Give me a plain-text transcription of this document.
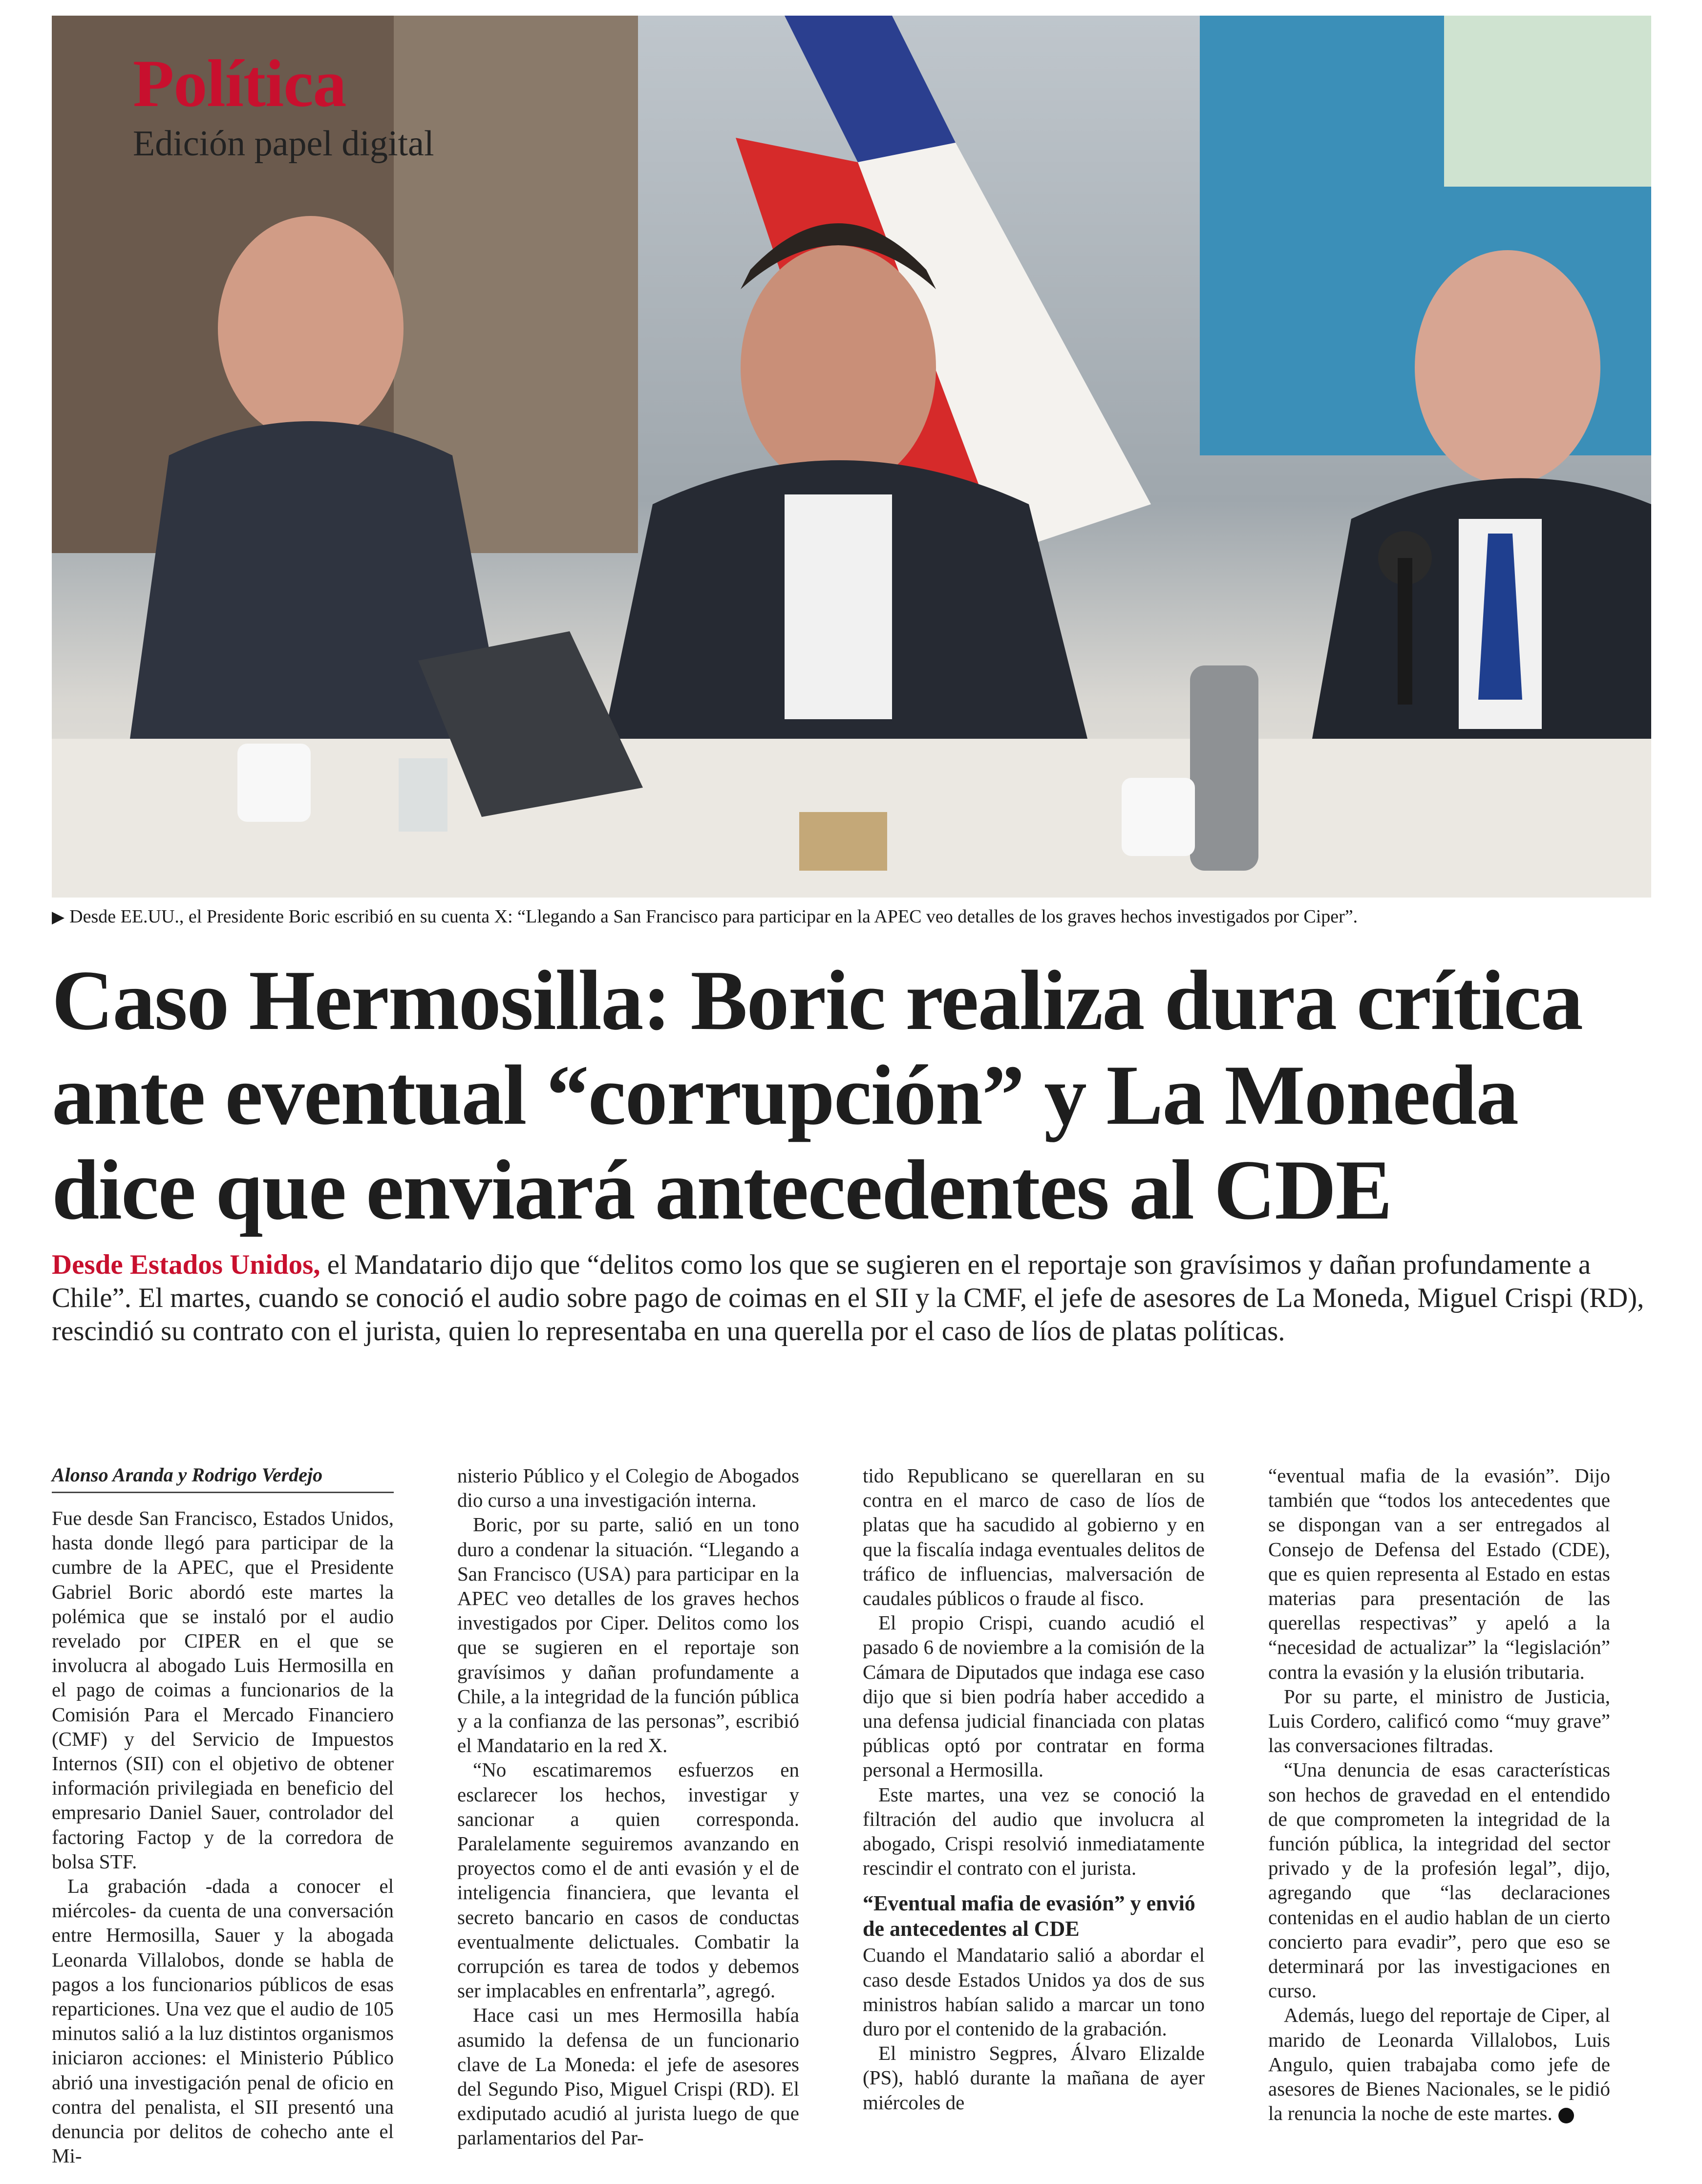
Política
Edición papel digital
▶ Desde EE.UU., el Presidente Boric escribió en su cuenta X: “Llegando a San Francisco para participar en la APEC veo detalles de los graves hechos investigados por Ciper”.
Caso Hermosilla: Boric realiza dura crítica
ante eventual “corrupción” y La Moneda
dice que enviará antecedentes al CDE

Desde Estados Unidos, el Mandatario dijo que “delitos como los que se sugieren en el reportaje son gravísimos y dañan profundamente a Chile”. El martes, cuando se conoció el audio sobre pago de coimas en el SII y la CMF, el jefe de asesores de La Moneda, Miguel Crispi (RD), rescindió su contrato con el jurista, quien lo representaba en una querella por el caso de líos de platas políticas.

Alonso Aranda y Rodrigo Verdejo

Fue desde San Francisco, Estados Unidos, hasta donde llegó para participar de la cumbre de la APEC, que el Presidente Gabriel Boric abordó este martes la polémica que se instaló por el audio revelado por CIPER en el que se involucra al abogado Luis Hermosilla en el pago de coimas a funcionarios de la Comisión Para el Mercado Financiero (CMF) y del Servicio de Impuestos Internos (SII) con el objetivo de obtener información privilegiada en beneficio del empresario Daniel Sauer, controlador del factoring Factop y de la corredora de bolsa STF.

La grabación -dada a conocer el miércoles- da cuenta de una conversación entre Hermosilla, Sauer y la abogada Leonarda Villalobos, donde se habla de pagos a los funcionarios públicos de esas reparticiones. Una vez que el audio de 105 minutos salió a la luz distintos organismos iniciaron acciones: el Ministerio Público abrió una investigación penal de oficio en contra del penalista, el SII presentó una denuncia por delitos de cohecho ante el Mi-

nisterio Público y el Colegio de Abogados dio curso a una investigación interna.

Boric, por su parte, salió en un tono duro a condenar la situación. “Llegando a San Francisco (USA) para participar en la APEC veo detalles de los graves hechos investigados por Ciper. Delitos como los que se sugieren en el reportaje son gravísimos y dañan profundamente a Chile, a la integridad de la función pública y a la confianza de las personas”, escribió el Mandatario en la red X.

“No escatimaremos esfuerzos en esclarecer los hechos, investigar y sancionar a quien corresponda. Paralelamente seguiremos avanzando en proyectos como el de anti evasión y el de inteligencia financiera, que levanta el secreto bancario en casos de conductas eventualmente delictuales. Combatir la corrupción es tarea de todos y debemos ser implacables en enfrentarla”, agregó.

Hace casi un mes Hermosilla había asumido la defensa de un funcionario clave de La Moneda: el jefe de asesores del Segundo Piso, Miguel Crispi (RD). El exdiputado acudió al jurista luego de que parlamentarios del Par-

tido Republicano se querellaran en su contra en el marco de caso de líos de platas que ha sacudido al gobierno y en que la fiscalía indaga eventuales delitos de tráfico de influencias, malversación de caudales públicos o fraude al fisco.

El propio Crispi, cuando acudió el pasado 6 de noviembre a la comisión de la Cámara de Diputados que indaga ese caso dijo que si bien podría haber accedido a una defensa judicial financiada con platas públicas optó por contratar en forma personal a Hermosilla.

Este martes, una vez se conoció la filtración del audio que involucra al abogado, Crispi resolvió inmediatamente rescindir el contrato con el jurista.

“Eventual mafia de evasión” y envió de antecedentes al CDE

Cuando el Mandatario salió a abordar el caso desde Estados Unidos ya dos de sus ministros habían salido a marcar un tono duro por el contenido de la grabación.

El ministro Segpres, Álvaro Elizalde (PS), habló durante la mañana de ayer miércoles de

“eventual mafia de la evasión”. Dijo también que “todos los antecedentes que se dispongan van a ser entregados al Consejo de Defensa del Estado (CDE), que es quien representa al Estado en estas materias para presentación de las querellas respectivas” y apeló a la “necesidad de actualizar” la “legislación” contra la evasión y la elusión tributaria.

Por su parte, el ministro de Justicia, Luis Cordero, calificó como “muy grave” las conversaciones filtradas.

“Una denuncia de esas características son hechos de gravedad en el entendido de que comprometen la integridad de la función pública, la integridad del sector privado y de la profesión legal”, dijo, agregando que “las declaraciones contenidas en el audio hablan de un cierto concierto para evadir”, pero que eso se determinará por las investigaciones en curso.

Además, luego del reportaje de Ciper, al marido de Leonarda Villalobos, Luis Angulo, quien trabajaba como jefe de asesores de Bienes Nacionales, se le pidió la renuncia la noche de este martes.
